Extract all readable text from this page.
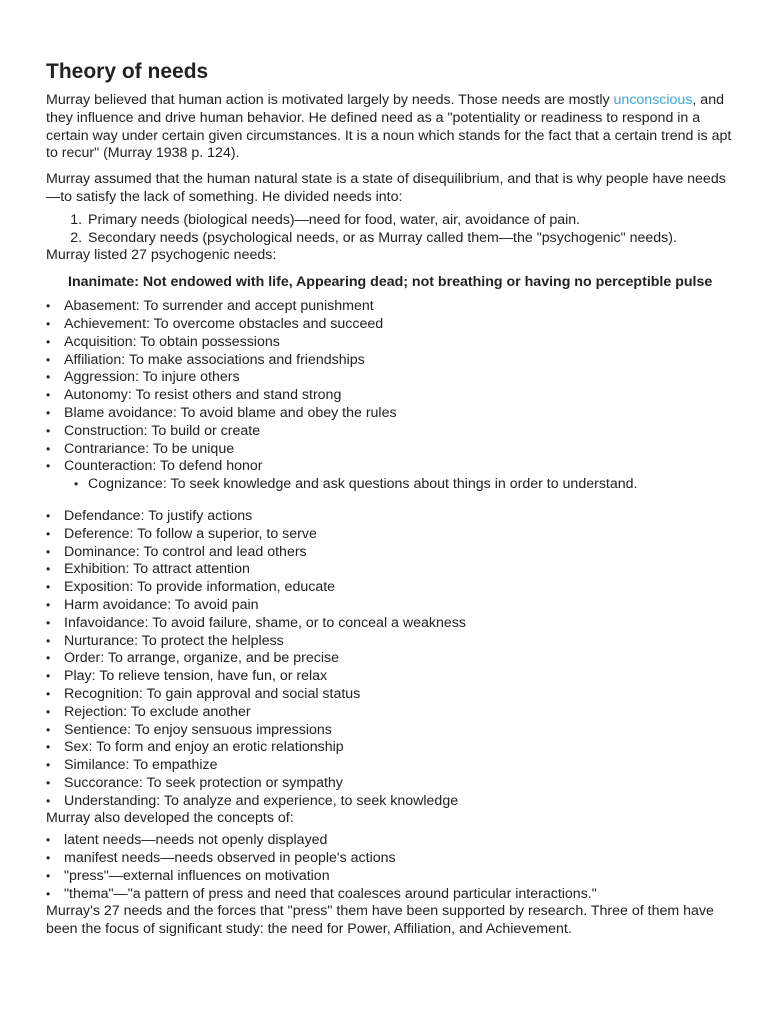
Theory of needs

Murray believed that human action is motivated largely by needs. Those needs are mostly unconscious, and they influence and drive human behavior. He defined need as a "potentiality or readiness to respond in a certain way under certain given circumstances. It is a noun which stands for the fact that a certain trend is apt to recur" (Murray 1938 p. 124).

Murray assumed that the human natural state is a state of disequilibrium, and that is why people have needs—to satisfy the lack of something. He divided needs into:

1. Primary needs (biological needs)—need for food, water, air, avoidance of pain.
2. Secondary needs (psychological needs, or as Murray called them—the "psychogenic" needs).

Murray listed 27 psychogenic needs:

Inanimate: Not endowed with life, Appearing dead; not breathing or having no perceptible pulse
• Abasement: To surrender and accept punishment
• Achievement: To overcome obstacles and succeed
• Acquisition: To obtain possessions
• Affiliation: To make associations and friendships
• Aggression: To injure others
• Autonomy: To resist others and stand strong
• Blame avoidance: To avoid blame and obey the rules
• Construction: To build or create
• Contrariance: To be unique
• Counteraction: To defend honor
• Cognizance: To seek knowledge and ask questions about things in order to understand.
• Defendance: To justify actions
• Deference: To follow a superior, to serve
• Dominance: To control and lead others
• Exhibition: To attract attention
• Exposition: To provide information, educate
• Harm avoidance: To avoid pain
• Infavoidance: To avoid failure, shame, or to conceal a weakness
• Nurturance: To protect the helpless
• Order: To arrange, organize, and be precise
• Play: To relieve tension, have fun, or relax
• Recognition: To gain approval and social status
• Rejection: To exclude another
• Sentience: To enjoy sensuous impressions
• Sex: To form and enjoy an erotic relationship
• Similance: To empathize
• Succorance: To seek protection or sympathy
• Understanding: To analyze and experience, to seek knowledge

Murray also developed the concepts of:

• latent needs—needs not openly displayed
• manifest needs—needs observed in people's actions
• "press"—external influences on motivation
• "thema"—"a pattern of press and need that coalesces around particular interactions."

Murray's 27 needs and the forces that "press" them have been supported by research. Three of them have been the focus of significant study: the need for Power, Affiliation, and Achievement.
